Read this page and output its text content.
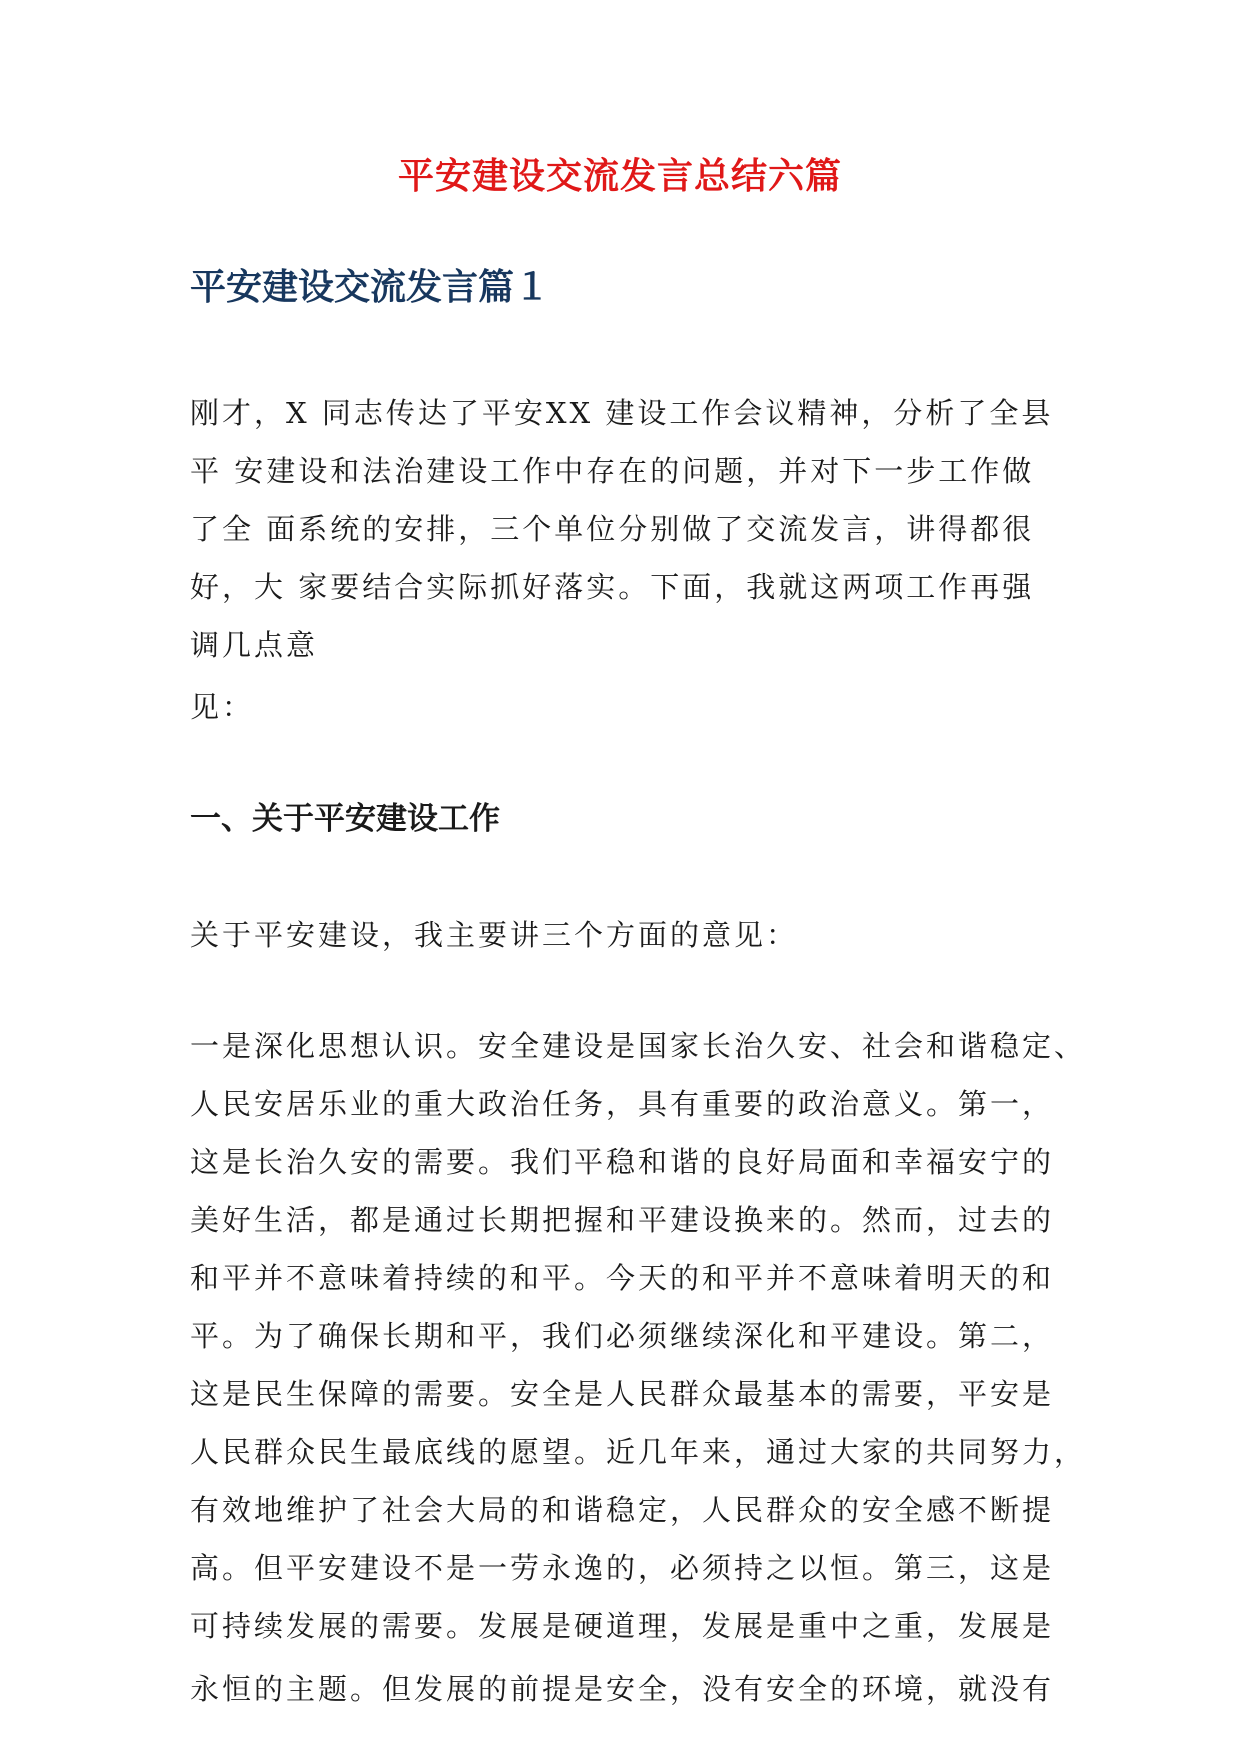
平安建设交流发言总结六篇
平安建设交流发言篇１

刚才，X 同志传达了平安XX 建设工作会议精神，分析了全县
平 安建设和法治建设工作中存在的问题，并对下一步工作做
了全 面系统的安排，三个单位分别做了交流发言，讲得都很
好，大 家要结合实际抓好落实。下面，我就这两项工作再强
调几点意

见：

一、关于平安建设工作

关于平安建设，我主要讲三个方面的意见：

一是深化思想认识。安全建设是国家长治久安、社会和谐稳定、
人民安居乐业的重大政治任务，具有重要的政治意义。第一，
这是长治久安的需要。我们平稳和谐的良好局面和幸福安宁的
美好生活，都是通过长期把握和平建设换来的。然而，过去的
和平并不意味着持续的和平。今天的和平并不意味着明天的和
平。为了确保长期和平，我们必须继续深化和平建设。第二，
这是民生保障的需要。安全是人民群众最基本的需要，平安是
人民群众民生最底线的愿望。近几年来，通过大家的共同努力，
有效地维护了社会大局的和谐稳定，人民群众的安全感不断提
高。但平安建设不是一劳永逸的，必须持之以恒。第三，这是
可持续发展的需要。发展是硬道理，发展是重中之重，发展是

永恒的主题。但发展的前提是安全，没有安全的环境，就没有
